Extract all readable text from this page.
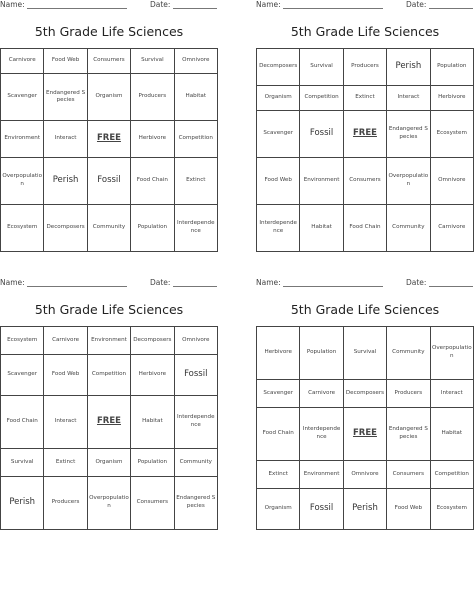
Name:	Date:
5th Grade Life Sciences
Carnivore	Food Web	Consumers	Survival	Omnivore
Scavenger	Endangered Species	Organism	Producers	Habitat
Environment	Interact	FREE	Herbivore	Competition
Overpopulation	Perish	Fossil	Food Chain	Extinct
Ecosystem	Decomposers	Community	Population	Interdependence
Name:	Date:
5th Grade Life Sciences
Decomposers	Survival	Producers	Perish	Population
Organism	Competition	Extinct	Interact	Herbivore
Scavenger	Fossil	FREE	Endangered Species	Ecosystem
Food Web	Environment	Consumers	Overpopulation	Omnivore
Interdependence	Habitat	Food Chain	Community	Carnivore
Name:	Date:
5th Grade Life Sciences
Ecosystem	Carnivore	Environment	Decomposers	Omnivore
Scavenger	Food Web	Competition	Herbivore	Fossil
Food Chain	Interact	FREE	Habitat	Interdependence
Survival	Extinct	Organism	Population	Community
Perish	Producers	Overpopulation	Consumers	Endangered Species
Name:	Date:
5th Grade Life Sciences
Herbivore	Population	Survival	Community	Overpopulation
Scavenger	Carnivore	Decomposers	Producers	Interact
Food Chain	Interdependence	FREE	Endangered Species	Habitat
Extinct	Environment	Omnivore	Consumers	Competition
Organism	Fossil	Perish	Food Web	Ecosystem
